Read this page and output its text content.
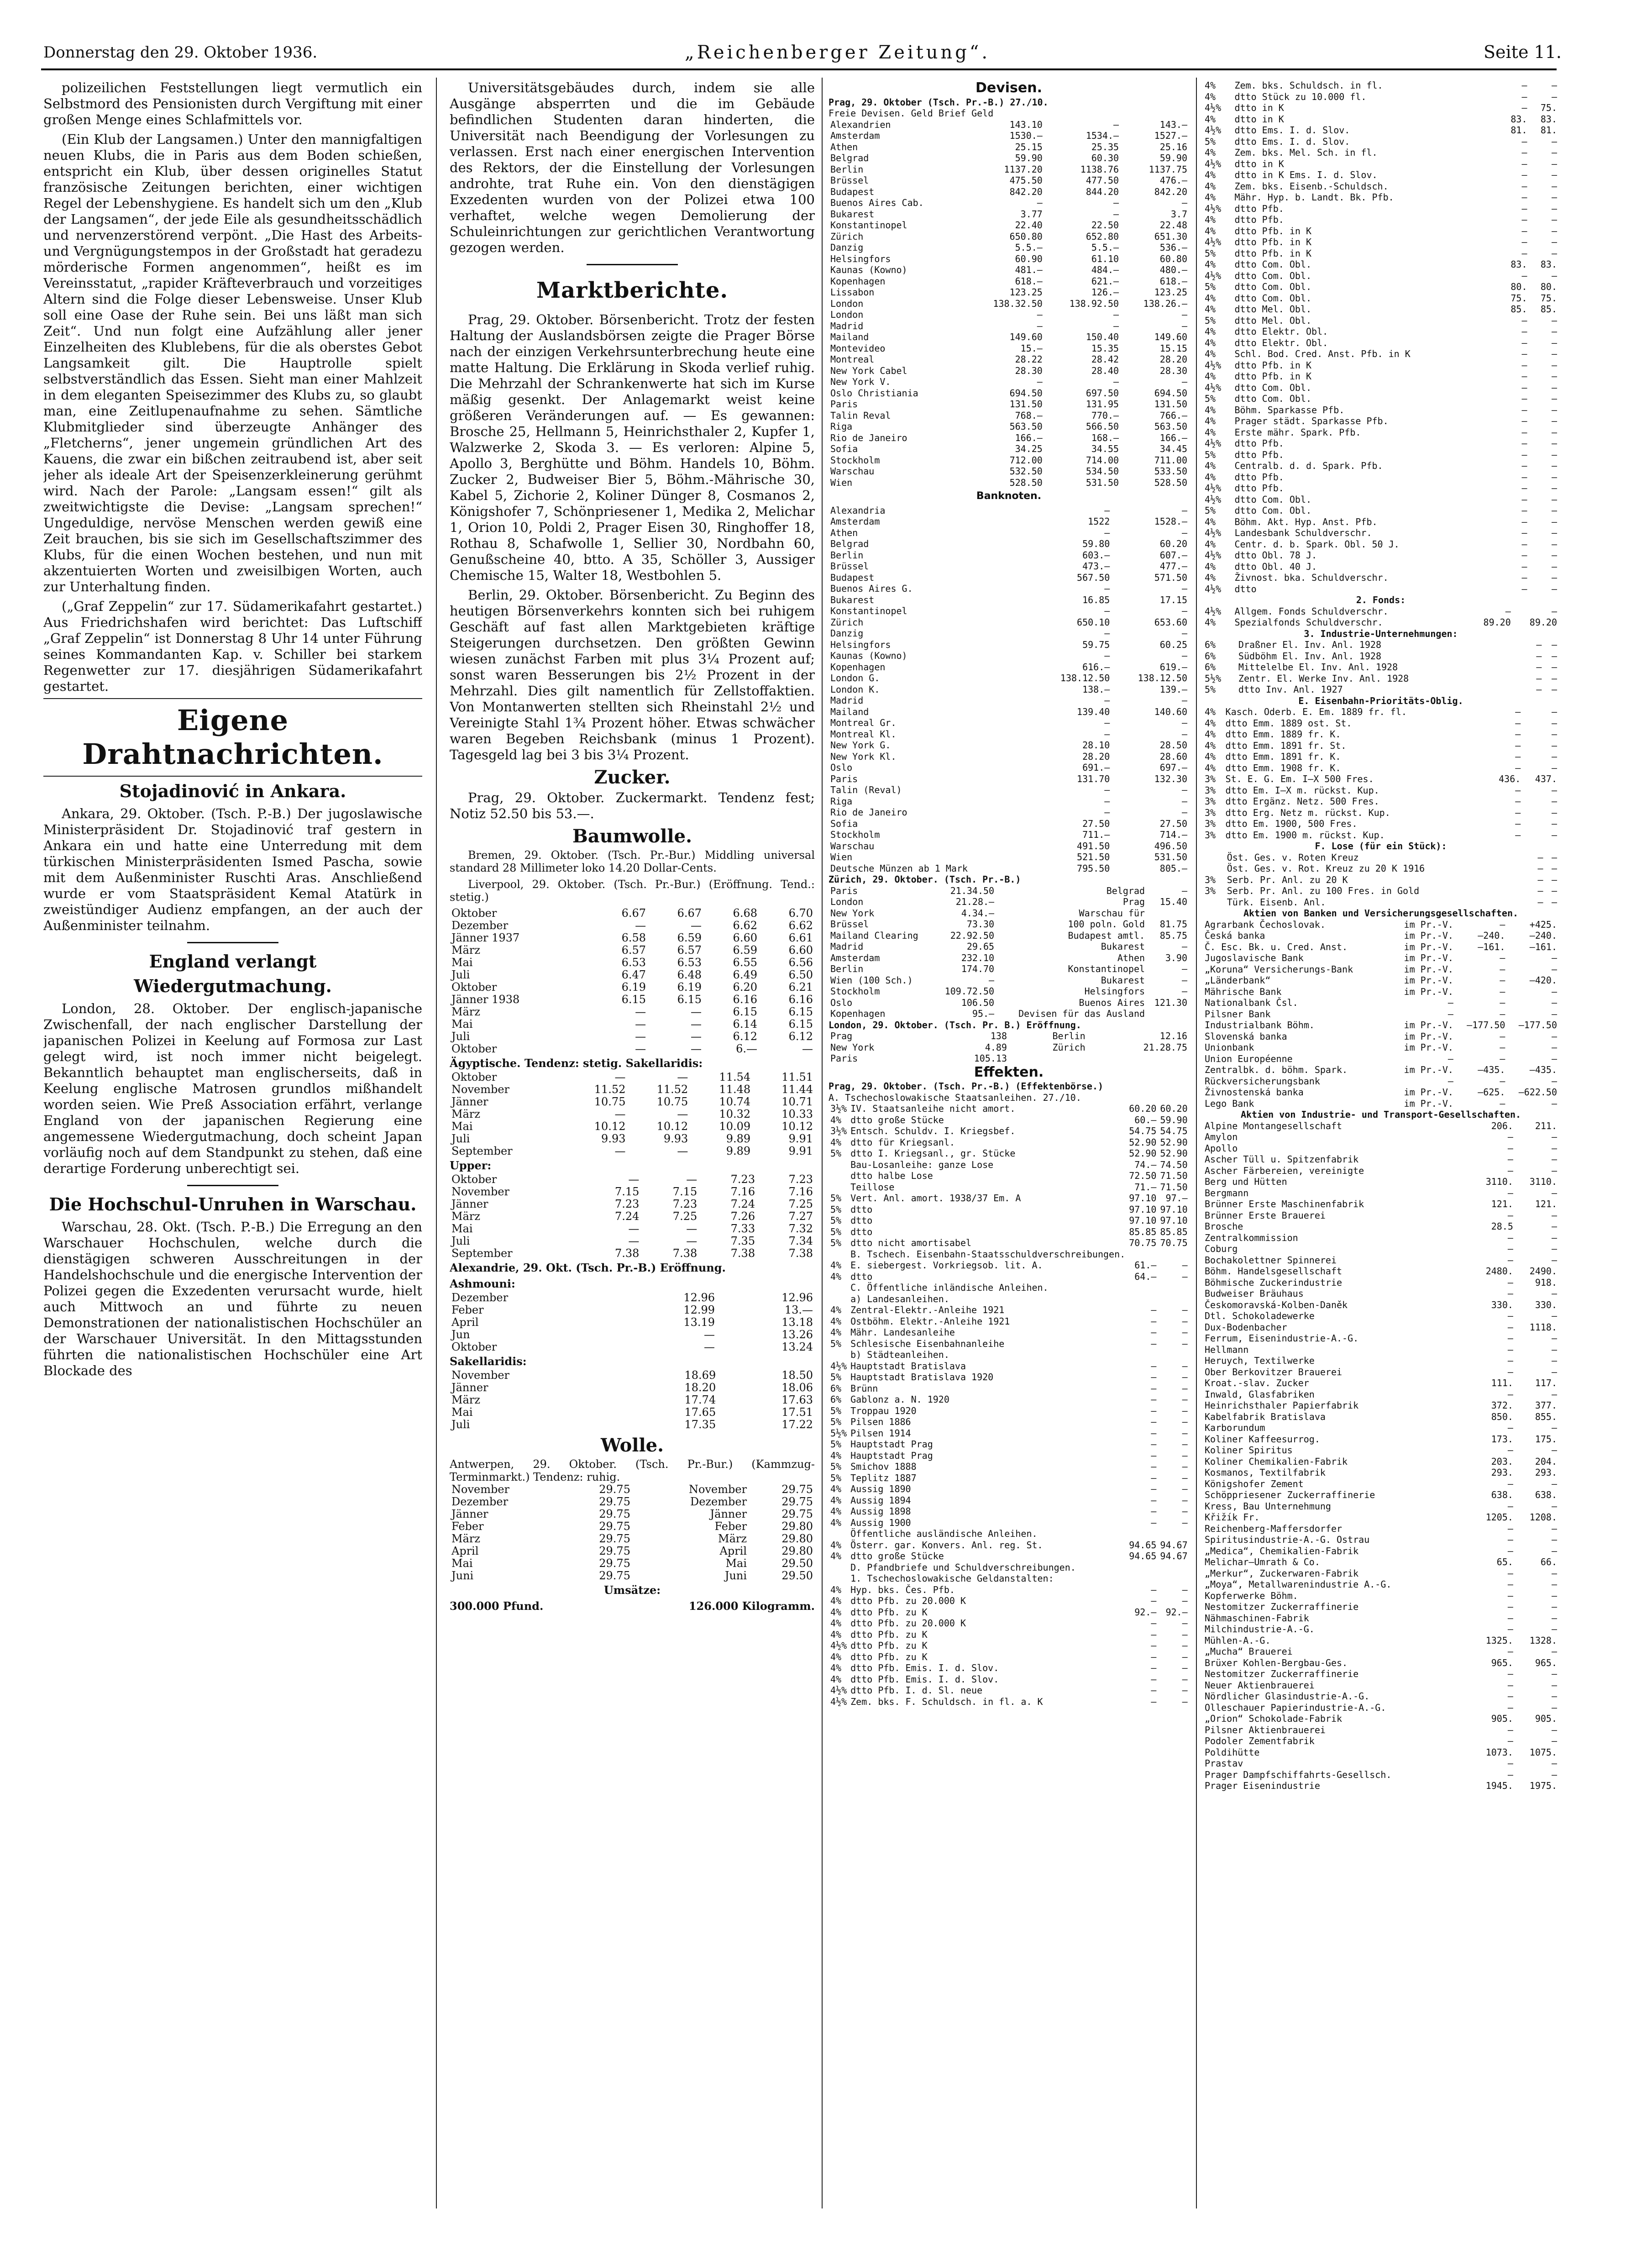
Donnerstag den 29. Oktober 1936.	„Reichenberger Zeitung“.	Seite 11.

polizeilichen Feststellungen liegt vermutlich ein Selbstmord des Pensionisten durch Vergiftung mit einer großen Menge eines Schlafmittels vor.

(Ein Klub der Langsamen.) Unter den mannigfaltigen neuen Klubs, die in Paris aus dem Boden schießen, entspricht ein Klub, über dessen originelles Statut französische Zeitungen berichten, einer wichtigen Regel der Lebenshygiene. Es handelt sich um den „Klub der Langsamen“, der jede Eile als gesundheitsschädlich und nervenzerstörend verpönt. „Die Hast des Arbeits- und Vergnügungstempos in der Großstadt hat geradezu mörderische Formen angenommen“, heißt es im Vereinsstatut, „rapider Kräfteverbrauch und vorzeitiges Altern sind die Folge dieser Lebensweise. Unser Klub soll eine Oase der Ruhe sein. Bei uns läßt man sich Zeit“. Und nun folgt eine Aufzählung aller jener Einzelheiten des Klublebens, für die als oberstes Gebot Langsamkeit gilt. Die Hauptrolle spielt selbstverständlich das Essen. Sieht man einer Mahlzeit in dem eleganten Speisezimmer des Klubs zu, so glaubt man, eine Zeitlupenaufnahme zu sehen. Sämtliche Klubmitglieder sind überzeugte Anhänger des „Fletcherns“, jener ungemein gründlichen Art des Kauens, die zwar ein bißchen zeitraubend ist, aber seit jeher als ideale Art der Speisenzerkleinerung gerühmt wird. Nach der Parole: „Langsam essen!“ gilt als zweitwichtigste die Devise: „Langsam sprechen!“ Ungeduldige, nervöse Menschen werden gewiß eine Zeit brauchen, bis sie sich im Gesellschaftszimmer des Klubs, für die einen Wochen bestehen, und nun mit akzentuierten Worten und zweisilbigen Worten, auch zur Unterhaltung finden.

(„Graf Zeppelin“ zur 17. Südamerikafahrt gestartet.) Aus Friedrichshafen wird berichtet: Das Luftschiff „Graf Zeppelin“ ist Donnerstag 8 Uhr 14 unter Führung seines Kommandanten Kap. v. Schiller bei starkem Regenwetter zur 17. diesjährigen Südamerikafahrt gestartet.

Eigene Drahtnachrichten.
Stojadinović in Ankara.

Ankara, 29. Oktober. (Tsch. P.-B.) Der jugoslawische Ministerpräsident Dr. Stojadinović traf gestern in Ankara ein und hatte eine Unterredung mit dem türkischen Ministerpräsidenten Ismed Pascha, sowie mit dem Außenminister Ruschti Aras. Anschließend wurde er vom Staatspräsident Kemal Atatürk in zweistündiger Audienz empfangen, an der auch der Außenminister teilnahm.

England verlangt
Wiedergutmachung.

London, 28. Oktober. Der englisch-japanische Zwischenfall, der nach englischer Darstellung der japanischen Polizei in Keelung auf Formosa zur Last gelegt wird, ist noch immer nicht beigelegt. Bekanntlich behauptet man englischerseits, daß in Keelung englische Matrosen grundlos mißhandelt worden seien. Wie Preß Association erfährt, verlange England von der japanischen Regierung eine angemessene Wiedergutmachung, doch scheint Japan vorläufig noch auf dem Standpunkt zu stehen, daß eine derartige Forderung unberechtigt sei.

Die Hochschul-Unruhen in Warschau.

Warschau, 28. Okt. (Tsch. P.-B.) Die Erregung an den Warschauer Hochschulen, welche durch die dienstägigen schweren Ausschreitungen in der Handelshochschule und die energische Intervention der Polizei gegen die Exzedenten verursacht wurde, hielt auch Mittwoch an und führte zu neuen Demonstrationen der nationalistischen Hochschüler an der Warschauer Universität. In den Mittagsstunden führten die nationalistischen Hochschüler eine Art Blockade des

Universitätsgebäudes durch, indem sie alle Ausgänge absperrten und die im Gebäude befindlichen Studenten daran hinderten, die Universität nach Beendigung der Vorlesungen zu verlassen. Erst nach einer energischen Intervention des Rektors, der die Einstellung der Vorlesungen androhte, trat Ruhe ein. Von den dienstägigen Exzedenten wurden von der Polizei etwa 100 verhaftet, welche wegen Demolierung der Schuleinrichtungen zur gerichtlichen Verantwortung gezogen werden.

Marktberichte.

Prag, 29. Oktober. Börsenbericht. Trotz der festen Haltung der Auslandsbörsen zeigte die Prager Börse nach der einzigen Verkehrsunterbrechung heute eine matte Haltung. Die Erklärung in Skoda verlief ruhig. Die Mehrzahl der Schrankenwerte hat sich im Kurse mäßig gesenkt. Der Anlagemarkt weist keine größeren Veränderungen auf. — Es gewannen: Brosche 25, Hellmann 5, Heinrichsthaler 2, Kupfer 1, Walzwerke 2, Skoda 3. — Es verloren: Alpine 5, Apollo 3, Berghütte und Böhm. Handels 10, Böhm. Zucker 2, Budweiser Bier 5, Böhm.-Mährische 30, Kabel 5, Zichorie 2, Koliner Dünger 8, Cosmanos 2, Königshofer 7, Schönpriesener 1, Medika 2, Melichar 1, Orion 10, Poldi 2, Prager Eisen 30, Ringhoffer 18, Rothau 8, Schafwolle 1, Sellier 30, Nordbahn 60, Genußscheine 40, btto. A 35, Schöller 3, Aussiger Chemische 15, Walter 18, Westbohlen 5.

Berlin, 29. Oktober. Börsenbericht. Zu Beginn des heutigen Börsenverkehrs konnten sich bei ruhigem Geschäft auf fast allen Marktgebieten kräftige Steigerungen durchsetzen. Den größten Gewinn wiesen zunächst Farben mit plus 3¼ Prozent auf; sonst waren Besserungen bis 2½ Prozent in der Mehrzahl. Dies gilt namentlich für Zellstoffaktien. Von Montanwerten stellten sich Rheinstahl 2½ und Vereinigte Stahl 1¾ Prozent höher. Etwas schwächer waren Begeben Reichsbank (minus 1 Prozent). Tagesgeld lag bei 3 bis 3¼ Prozent.

Zucker.

Prag, 29. Oktober. Zuckermarkt. Tendenz fest; Notiz 52.50 bis 53.—.

Baumwolle.

Bremen, 29. Oktober. (Tsch. Pr.-Bur.) Middling universal standard 28 Millimeter loko 14.20 Dollar-Cents.

Liverpool, 29. Oktober. (Tsch. Pr.-Bur.) (Eröffnung. Tend.: stetig.)

Oktober	6.67	6.67	6.68	6.70
Dezember	—	—	6.62	6.62
Jänner 1937	6.58	6.59	6.60	6.61
März	6.57	6.57	6.59	6.60
Mai	6.53	6.53	6.55	6.56
Juli	6.47	6.48	6.49	6.50
Oktober	6.19	6.19	6.20	6.21
Jänner 1938	6.15	6.15	6.16	6.16
März	—	—	6.15	6.15
Mai	—	—	6.14	6.15
Juli	—	—	6.12	6.12
Oktober	—	—	6.—	—
Ägyptische. Tendenz: stetig. Sakellaridis:
Oktober	—	—	11.54	11.51
November	11.52	11.52	11.48	11.44
Jänner	10.75	10.75	10.74	10.71
März	—	—	10.32	10.33
Mai	10.12	10.12	10.09	10.12
Juli	9.93	9.93	9.89	9.91
September	—	—	9.89	9.91
Upper:
Oktober	—	—	7.23	7.23
November	7.15	7.15	7.16	7.16
Jänner	7.23	7.23	7.24	7.25
März	7.24	7.25	7.26	7.27
Mai	—	—	7.33	7.32
Juli	—	—	7.35	7.34
September	7.38	7.38	7.38	7.38
Alexandrie, 29. Okt. (Tsch. Pr.-B.) Eröffnung.
Ashmouni:
Dezember	12.96	12.96
Feber	12.99	13.—
April	13.19	13.18
Jun	—	13.26
Oktober	—	13.24
Sakellaridis:
November	18.69	18.50
Jänner	18.20	18.06
März	17.74	17.63
Mai	17.65	17.51
Juli	17.35	17.22
Wolle.
Antwerpen, 29. Oktober. (Tsch. Pr.-Bur.) (Kammzug-Terminmarkt.) Tendenz: ruhig.
November	29.75	November	29.75
Dezember	29.75	Dezember	29.75
Jänner	29.75	Jänner	29.75
Feber	29.75	Feber	29.80
März	29.75	März	29.80
April	29.75	April	29.80
Mai	29.75	Mai	29.50
Juni	29.75	Juni	29.50
Umsätze:
300.000 Pfund.	126.000 Kilogramm.
Devisen.
Prag, 29. Oktober (Tsch. Pr.-B.) 27./10.
Freie Devisen. Geld Brief Geld
Alexandrien	143.10	—	143.—
Amsterdam	1530.—	1534.—	1527.—
Athen	25.15	25.35	25.16
Belgrad	59.90	60.30	59.90
Berlin	1137.20	1138.76	1137.75
Brüssel	475.50	477.50	476.—
Budapest	842.20	844.20	842.20
Buenos Aires Cab.	—	—	—
Bukarest	3.77	—	3.7
Konstantinopel	22.40	22.50	22.48
Zürich	650.80	652.80	651.30
Danzig	5.5.—	5.5.—	536.—
Helsingfors	60.90	61.10	60.80
Kaunas (Kowno)	481.—	484.—	480.—
Kopenhagen	618.—	621.—	618.—
Lissabon	123.25	126.—	123.25
London	138.32.50	138.92.50	138.26.—
London	—	—	—
Madrid	—	—	—
Mailand	149.60	150.40	149.60
Montevideo	15.—	15.35	15.15
Montreal	28.22	28.42	28.20
New York Cabel	28.30	28.40	28.30
New York V.	—	—	—
Oslo Christiania	694.50	697.50	694.50
Paris	131.50	131.95	131.50
Talin Reval	768.—	770.—	766.—
Riga	563.50	566.50	563.50
Rio de Janeiro	166.—	168.—	166.—
Sofia	34.25	34.55	34.45
Stockholm	712.00	714.00	711.00
Warschau	532.50	534.50	533.50
Wien	528.50	531.50	528.50
Banknoten.
Alexandria	—	—
Amsterdam	1522	1528.—
Athen	—	—
Belgrad	59.80	60.20
Berlin	603.—	607.—
Brüssel	473.—	477.—
Budapest	567.50	571.50
Buenos Aires G.	—	—
Bukarest	16.85	17.15
Konstantinopel	—	—
Zürich	650.10	653.60
Danzig	—	—
Helsingfors	59.75	60.25
Kaunas (Kowno)	—	—
Kopenhagen	616.—	619.—
London G.	138.12.50	138.12.50
London K.	138.—	139.—
Madrid	—	—
Mailand	139.40	140.60
Montreal Gr.	—	—
Montreal Kl.	—	—
New York G.	28.10	28.50
New York Kl.	28.20	28.60
Oslo	691.—	697.—
Paris	131.70	132.30
Talin (Reval)	—	—
Riga	—	—
Rio de Janeiro	—	—
Sofia	27.50	27.50
Stockholm	711.—	714.—
Warschau	491.50	496.50
Wien	521.50	531.50
Deutsche Münzen ab 1 Mark	795.50	805.—
Zürich, 29. Oktober. (Tsch. Pr.-B.)
Paris	21.34.50	Belgrad	—
London	21.28.—	Prag	15.40
New York	4.34.—	Warschau für	
Brüssel	73.30	100 poln. Gold	81.75
Mailand Clearing	22.92.50	Budapest amtl.	85.75
Madrid	29.65	Bukarest	—
Amsterdam	232.10	Athen	3.90
Berlin	174.70	Konstantinopel	—
Wien (100 Sch.)	—	Bukarest	—
Stockholm	109.72.50	Helsingfors	—
Oslo	106.50	Buenos Aires	121.30
Kopenhagen	95.—	Devisen für das Ausland	
London, 29. Oktober. (Tsch. Pr. B.) Eröffnung.
Prag	138	Berlin	12.16
New York	4.89	Zürich	21.28.75
Paris	105.13		
Effekten.
Prag, 29. Oktober. (Tsch. Pr.-B.) (Effektenbörse.)
A. Tschechoslowakische Staatsanleihen. 27./10.
3½%	IV. Staatsanleihe nicht amort.	60.20	60.20
4%	dtto große Stücke	60.—	59.90
3½%	Entsch. Schuldv. I. Kriegsbef.	54.75	54.75
4%	dtto für Kriegsanl.	52.90	52.90
5%	dtto I. Kriegsanl., gr. Stücke	52.90	52.90
	Bau-Losanleihe: ganze Lose	74.—	74.50
	dtto halbe Lose	72.50	71.50
	Teillose	71.—	71.50
5%	Vert. Anl. amort. 1938/37 Em. A	97.10	97.—
5%	dtto	97.10	97.10
5%	dtto	97.10	97.10
5%	dtto	85.85	85.85
5%	dtto nicht amortisabel	70.75	70.75
	B. Tschech. Eisenbahn-Staatsschuldverschreibungen.		
4%	E. siebergest. Vorkriegsob. lit. A.	61.—	—
4%	dtto	64.—	—
	C. Öffentliche inländische Anleihen.		
	a) Landesanleihen.		
4%	Zentral-Elektr.-Anleihe 1921	—	—
4%	Ostböhm. Elektr.-Anleihe 1921	—	—
4%	Mähr. Landesanleihe	—	—
5%	Schlesische Eisenbahnanleihe	—	—
	b) Städteanleihen.		
4½%	Hauptstadt Bratislava	—	—
5%	Hauptstadt Bratislava 1920	—	—
6%	Brünn	—	—
6%	Gablonz a. N. 1920	—	—
5%	Troppau 1920	—	—
5%	Pilsen 1886	—	—
5½%	Pilsen 1914	—	—
5%	Hauptstadt Prag	—	—
4%	Hauptstadt Prag	—	—
5%	Smichov 1888	—	—
5%	Teplitz 1887	—	—
4%	Aussig 1890	—	—
4%	Aussig 1894	—	—
4%	Aussig 1898	—	—
4%	Aussig 1900	—	—
	Öffentliche ausländische Anleihen.		
4%	Österr. gar. Konvers. Anl. reg. St.	94.65	94.67
4%	dtto große Stücke	94.65	94.67
	D. Pfandbriefe und Schuldverschreibungen.		
	1. Tschechoslowakische Geldanstalten:		
4%	Hyp. bks. Čes. Pfb.	—	—
4%	dtto Pfb. zu 20.000 K	—	—
4%	dtto Pfb. zu K	92.—	92.—
4%	dtto Pfb. zu 20.000 K	—	—
4%	dtto Pfb. zu K	—	—
4½%	dtto Pfb. zu K	—	—
4%	dtto Pfb. zu K	—	—
4%	dtto Pfb. Emis. I. d. Slov.	—	—
4%	dtto Pfb. Emis. I. d. Slov.	—	—
4½%	dtto Pfb. I. d. Sl. neue	—	—
4½%	Zem. bks. F. Schuldsch. in fl. a. K	—	—
4%	Zem. bks. Schuldsch. in fl.	—	—
4%	dtto Stück zu 10.000 fl.	—	—
4½%	dtto in K	—	75.
4%	dtto in K	83.	83.
4½%	dtto Ems. I. d. Slov.	81.	81.
5%	dtto Ems. I. d. Slov.	—	—
4%	Zem. bks. Mel. Sch. in fl.	—	—
4½%	dtto in K	—	—
4%	dtto in K Ems. I. d. Slov.	—	—
4%	Zem. bks. Eisenb.-Schuldsch.	—	—
4%	Mähr. Hyp. b. Landt. Bk. Pfb.	—	—
4½%	dtto Pfb.	—	—
4%	dtto Pfb.	—	—
4%	dtto Pfb. in K	—	—
4½%	dtto Pfb. in K	—	—
5%	dtto Pfb. in K	—	—
4%	dtto Com. Obl.	83.	83.
4½%	dtto Com. Obl.	—	—
5%	dtto Com. Obl.	80.	80.
4%	dtto Com. Obl.	75.	75.
4%	dtto Mel. Obl.	85.	85.
5%	dtto Mel. Obl.	—	—
4%	dtto Elektr. Obl.	—	—
4%	dtto Elektr. Obl.	—	—
4%	Schl. Bod. Cred. Anst. Pfb. in K	—	—
4½%	dtto Pfb. in K	—	—
4%	dtto Pfb. in K	—	—
4½%	dtto Com. Obl.	—	—
5%	dtto Com. Obl.	—	—
4%	Böhm. Sparkasse Pfb.	—	—
4%	Prager städt. Sparkasse Pfb.	—	—
4%	Erste mähr. Spark. Pfb.	—	—
4½%	dtto Pfb.	—	—
5%	dtto Pfb.	—	—
4%	Centralb. d. d. Spark. Pfb.	—	—
4%	dtto Pfb.	—	—
4½%	dtto Pfb.	—	—
4½%	dtto Com. Obl.	—	—
5%	dtto Com. Obl.	—	—
4%	Böhm. Akt. Hyp. Anst. Pfb.	—	—
4½%	Landesbank Schuldverschr.	—	—
4%	Centr. d. b. Spark. Obl. 50 J.	—	—
4½%	dtto Obl. 78 J.	—	—
4%	dtto Obl. 40 J.	—	—
4%	Živnost. bka. Schuldverschr.	—	—
4½%	dtto	—	—
2. Fonds:
4½%	Allgem. Fonds Schuldverschr.	—	—
4%	Spezialfonds Schuldverschr.	89.20	89.20
3. Industrie-Unternehmungen:
6%	Draßner El. Inv. Anl. 1928	—	—
6%	Südböhm El. Inv. Anl. 1928	—	—
6%	Mittelelbe El. Inv. Anl. 1928	—	—
5½%	Zentr. El. Werke Inv. Anl. 1928	—	—
5%	dtto Inv. Anl. 1927	—	—
E. Eisenbahn-Prioritäts-Oblig.
4%	Kasch. Oderb. E. Em. 1889 fr. fl.	—	—
4%	dtto Emm. 1889 ost. St.	—	—
4%	dtto Emm. 1889 fr. K.	—	—
4%	dtto Emm. 1891 fr. St.	—	—
4%	dtto Emm. 1891 fr. K.	—	—
4%	dtto Emm. 1908 fr. K.	—	—
3%	St. E. G. Em. I—X 500 Fres.	436.	437.
3%	dtto Em. I—X m. rückst. Kup.	—	—
3%	dtto Ergänz. Netz. 500 Fres.	—	—
3%	dtto Erg. Netz m. rückst. Kup.	—	—
3%	dtto Em. 1900, 500 Fres.	—	—
3%	dtto Em. 1900 m. rückst. Kup.	—	—
F. Lose (für ein Stück):
	Öst. Ges. v. Roten Kreuz	—	—
	Öst. Ges. v. Rot. Kreuz zu 20 K 1916	—	—
3%	Serb. Pr. Anl. zu 20 K	—	—
3%	Serb. Pr. Anl. zu 100 Fres. in Gold	—	—
	Türk. Eisenb. Anl.	—	—
Aktien von Banken und Versicherungsgesellschaften.
Agrarbank Čechoslovak.	im Pr.-V.	—	+425.
Česká banka	im Pr.-V.	—240.	—240.
Č. Esc. Bk. u. Cred. Anst.	im Pr.-V.	—161.	—161.
Jugoslavische Bank	im Pr.-V.	—	—
„Koruna“ Versicherungs-Bank	im Pr.-V.	—	—
„Länderbank“	im Pr.-V.	—	—420.
Mährische Bank	im Pr.-V.	—	—
Nationalbank Čsl.	—	—	—
Pilsner Bank	—	—	—
Industrialbank Böhm.	im Pr.-V.	—177.50	—177.50
Slovenská banka	im Pr.-V.	—	—
Unionbank	im Pr.-V.	—	—
Union Européenne	—	—	—
Zentralbk. d. böhm. Spark.	im Pr.-V.	—435.	—435.
Rückversicherungsbank	—	—	—
Živnostenská banka	im Pr.-V.	—625.	—622.50
Lego Bank	im Pr.-V.	—	—
Aktien von Industrie- und Transport-Gesellschaften.
Alpine Montangesellschaft	206.	211.
Amylon	—	—
Apollo	—	—
Ascher Tüll u. Spitzenfabrik	—	—
Ascher Färbereien, vereinigte	—	—
Berg und Hütten	3110.	3110.
Bergmann	—	—
Brünner Erste Maschinenfabrik	121.	121.
Brünner Erste Brauerei	—	—
Brosche	28.5	—
Zentralkommission	—	—
Coburg	—	—
Bochakolettner Spinnerei	—	—
Böhm. Handelsgesellschaft	2480.	2490.
Böhmische Zuckerindustrie	—	918.
Budweiser Bräuhaus	—	—
Českomoravská-Kolben-Daněk	330.	330.
Dtl. Schokoladewerke	—	—
Dux-Bodenbacher	—	1118.
Ferrum, Eisenindustrie-A.-G.	—	—
Hellmann	—	—
Heruych, Textilwerke	—	—
Ober Berkovitzer Brauerei	—	—
Kroat.-slav. Zucker	111.	117.
Inwald, Glasfabriken	—	—
Heinrichsthaler Papierfabrik	372.	377.
Kabelfabrik Bratislava	850.	855.
Karborundum	—	—
Koliner Kaffeesurrog.	173.	175.
Koliner Spiritus	—	—
Koliner Chemikalien-Fabrik	203.	204.
Kosmanos, Textilfabrik	293.	293.
Königshofer Zement	—	—
Schöppriesener Zuckerraffinerie	638.	638.
Kress, Bau Unternehmung	—	—
Křižík Fr.	1205.	1208.
Reichenberg-Maffersdorfer	—	—
Spiritusindustrie-A.-G. Ostrau	—	—
„Medica“, Chemikalien-Fabrik	—	—
Melichar—Umrath & Co.	65.	66.
„Merkur“, Zuckerwaren-Fabrik	—	—
„Moya“, Metallwarenindustrie A.-G.	—	—
Kopferwerke Böhm.	—	—
Nestomitzer Zuckerraffinerie	—	—
Nähmaschinen-Fabrik	—	—
Milchindustrie-A.-G.	—	—
Mühlen-A.-G.	1325.	1328.
„Mucha“ Brauerei	—	—
Brüxer Kohlen-Bergbau-Ges.	965.	965.
Nestomitzer Zuckerraffinerie	—	—
Neuer Aktienbrauerei	—	—
Nördlicher Glasindustrie-A.-G.	—	—
Olleschauer Papierindustrie-A.-G.	—	—
„Orion“ Schokolade-Fabrik	905.	905.
Pilsner Aktienbrauerei	—	—
Podoler Zementfabrik	—	—
Poldihütte	1073.	1075.
Prastav	—	—
Prager Dampfschiffahrts-Gesellsch.	—	—
Prager Eisenindustrie	1945.	1975.
